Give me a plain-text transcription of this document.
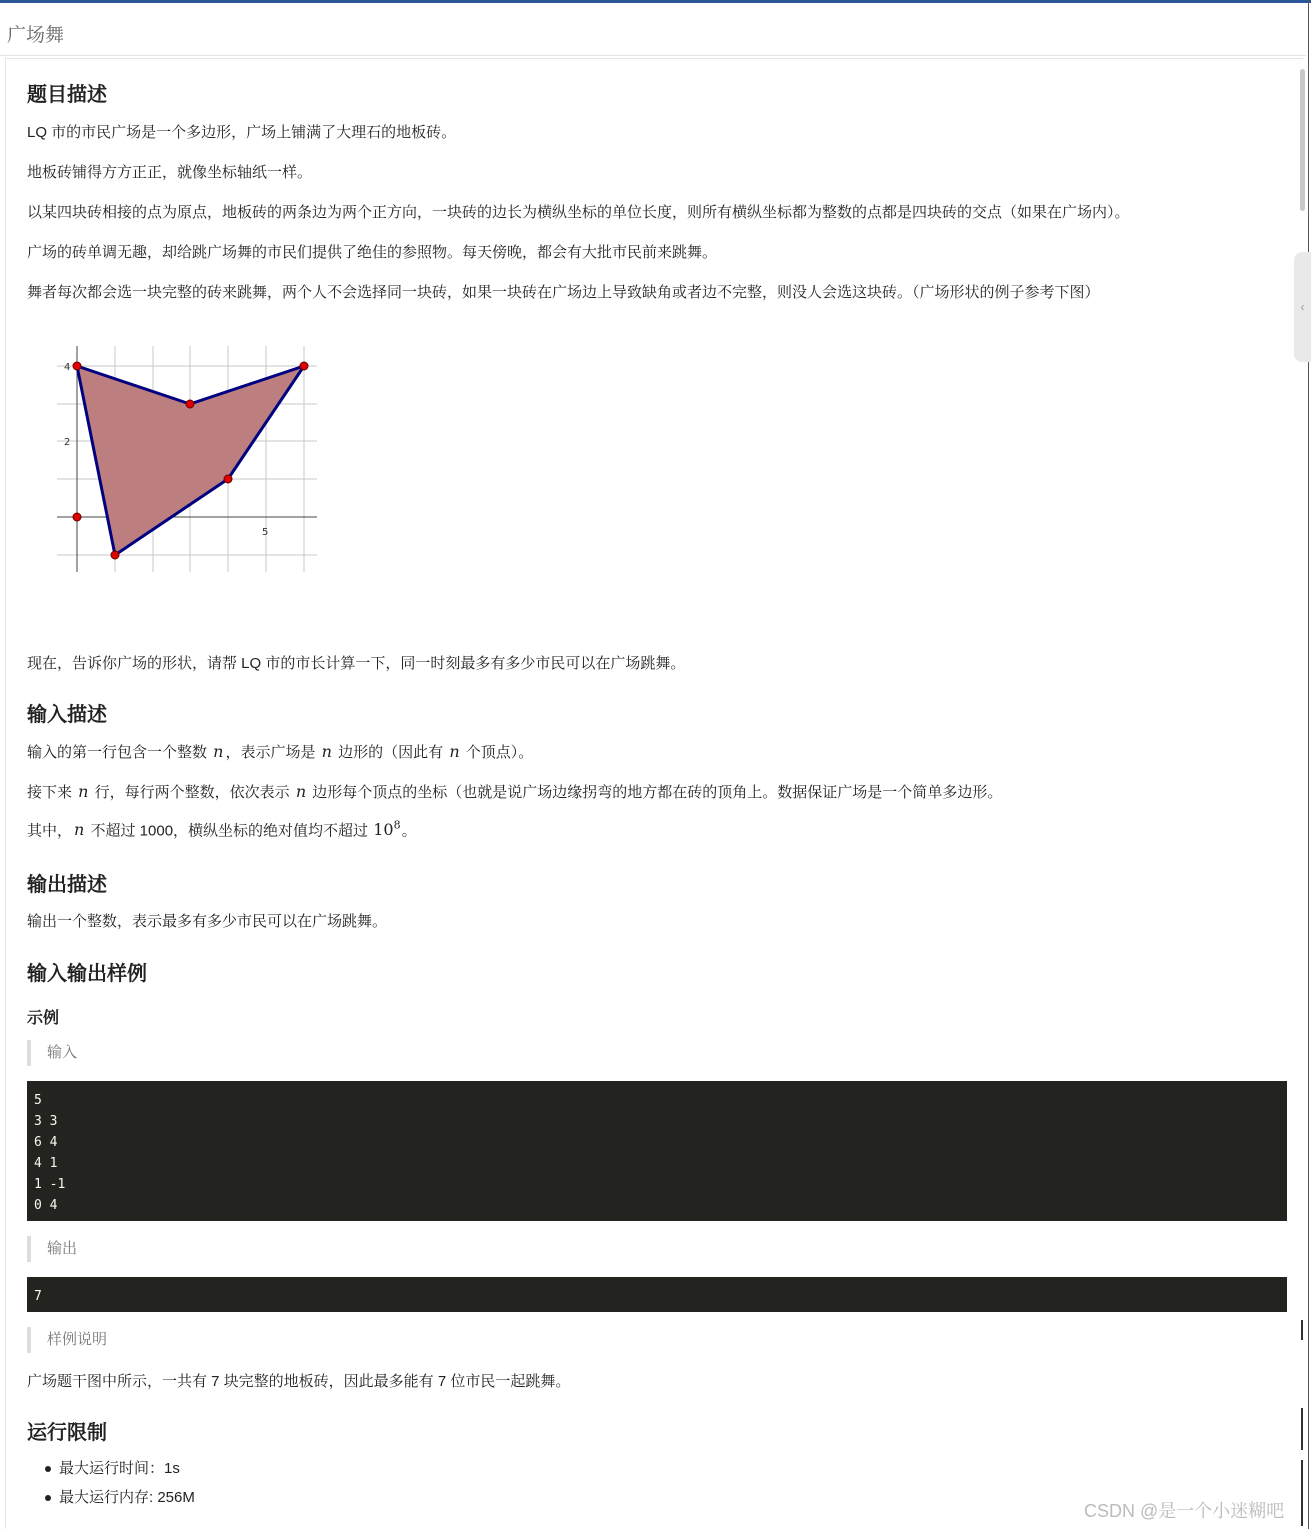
广场舞
‹
题目描述
LQ 市的市民广场是一个多边形，广场上铺满了大理石的地板砖。
地板砖铺得方方正正，就像坐标轴纸一样。
以某四块砖相接的点为原点，地板砖的两条边为两个正方向，一块砖的边长为横纵坐标的单位长度，则所有横纵坐标都为整数的点都是四块砖的交点（如果在广场内）。
广场的砖单调无趣，却给跳广场舞的市民们提供了绝佳的参照物。每天傍晚，都会有大批市民前来跳舞。
舞者每次都会选一块完整的砖来跳舞，两个人不会选择同一块砖，如果一块砖在广场边上导致缺角或者边不完整，则没人会选这块砖。（广场形状的例子参考下图）
4
2
5
现在，告诉你广场的形状，请帮 LQ 市的市长计算一下，同一时刻最多有多少市民可以在广场跳舞。
输入描述
输入的第一行包含一个整数 n ，表示广场是 n 边形的（因此有 n 个顶点）。
接下来 n 行，每行两个整数，依次表示 n 边形每个顶点的坐标（也就是说广场边缘拐弯的地方都在砖的顶角上。数据保证广场是一个简单多边形。
其中， n 不超过 1000，横纵坐标的绝对值均不超过 $10^8$。
输出描述
输出一个整数，表示最多有多少市民可以在广场跳舞。
输入输出样例
示例
输入
5
3 3
6 4
4 1
1 -1
0 4
输出
7
样例说明
广场题干图中所示，一共有 7 块完整的地板砖，因此最多能有 7 位市民一起跳舞。
运行限制
最大运行时间：1s
最大运行内存: 256M
CSDN @是一个小迷糊吧
